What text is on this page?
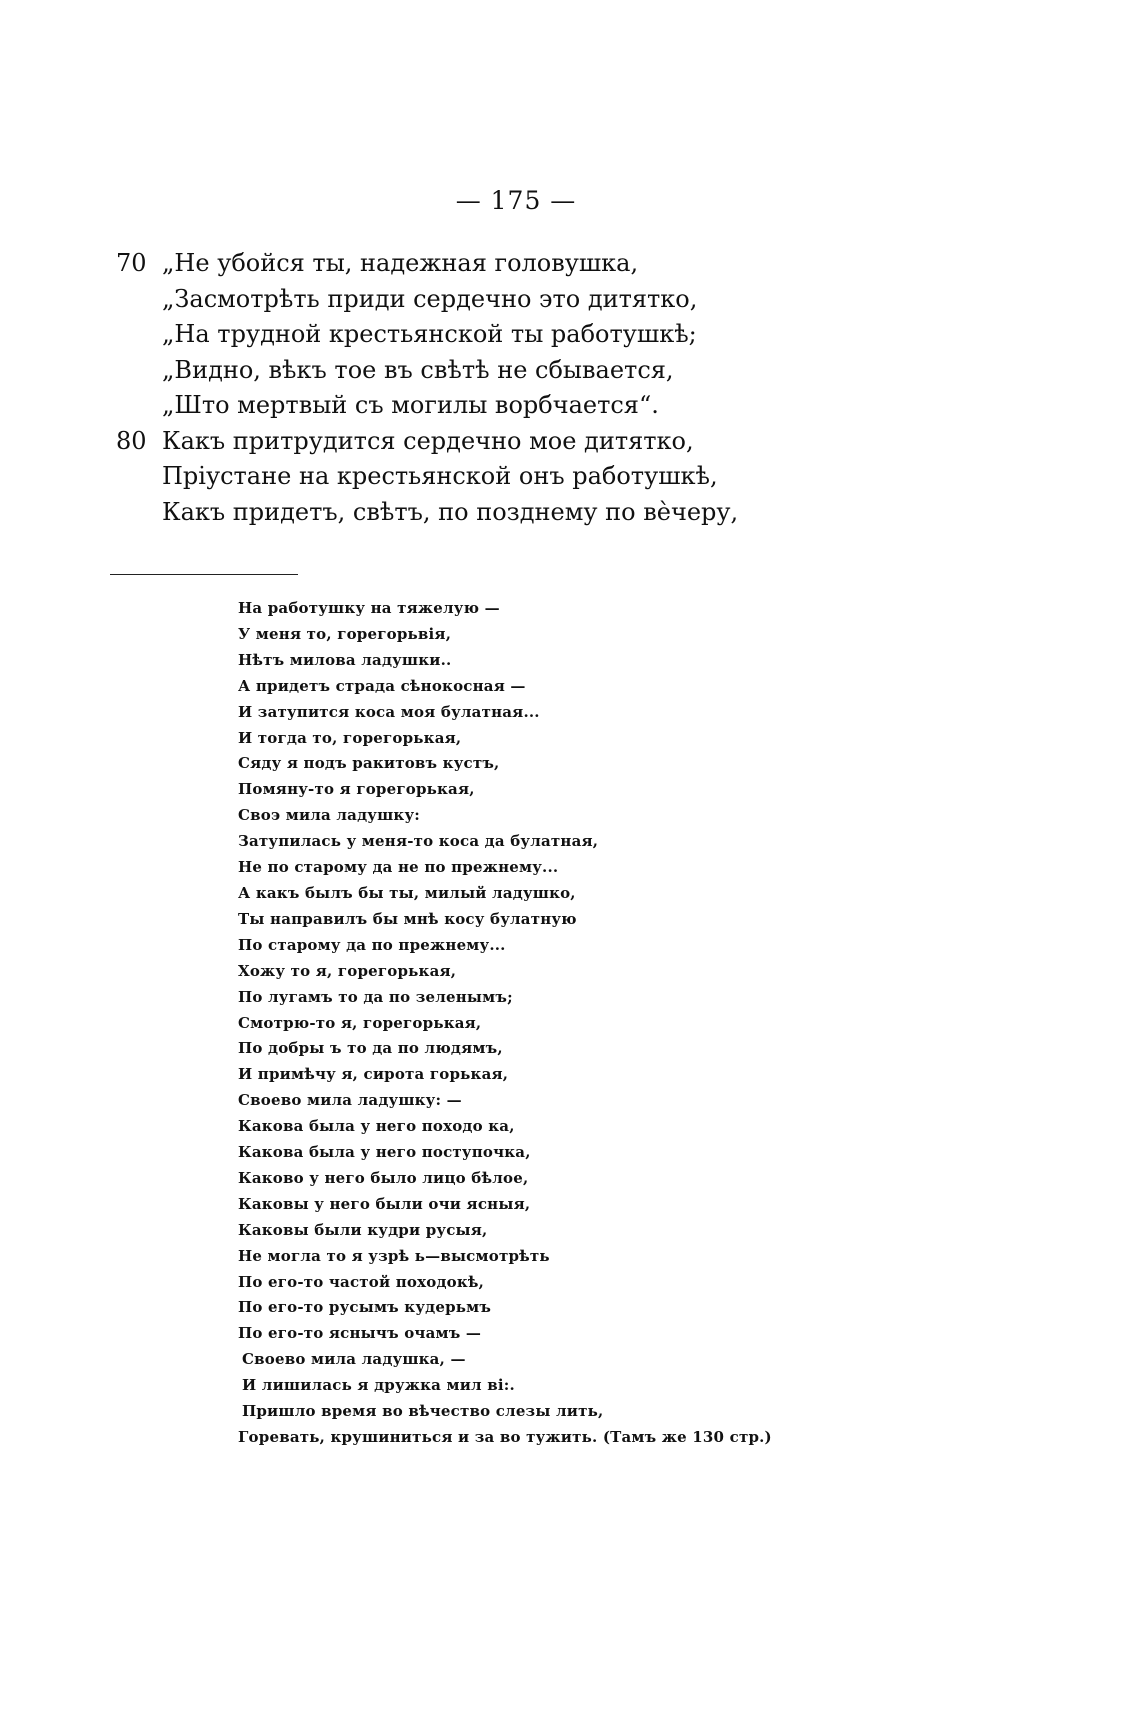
— 175 —
70 „Не убойся ты, надежная головушка,
„Засмотрѣть приди сердечно это дитятко,
„На трудной крестьянской ты работушкѣ;
„Видно, вѣкъ тое въ свѣтѣ не сбывается,
„Што мертвый съ могилы ворбчается“.
80 Какъ притрудится сердечно мое дитятко,
Пріустане на крестьянской онъ работушкѣ,
Какъ придетъ, свѣтъ, по позднему по вѐчеру,
На работушку на тяжелую —
У меня то, горегорьвія,
Нѣтъ милова ладушки..
А придетъ страда сѣнокосная —
И затупится коса моя булатная...
И тогда то, горегорькая,
Сяду я подъ ракитовъ кустъ,
Помяну-то я горегорькая,
Своэ мила ладушку:
Затупилась у меня-то коса да булатная,
Не по старому да не по прежнему...
А какъ былъ бы ты, милый ладушко,
Ты направилъ бы мнѣ косу булатную
По старому да по прежнему...
Хожу то я, горегорькая,
По лугамъ то да по зеленымъ;
Смотрю-то я, горегорькая,
По добры ъ то да по людямъ,
И примѣчу я, сирота горькая,
Своево мила ладушку: —
Какова была у него походо ка,
Какова была у него поступочка,
Каково у него было лицо бѣлое,
Каковы у него были очи ясныя,
Каковы были кудри русыя,
Не могла то я узрѣ ь—высмотрѣть
По его-то частой походокѣ,
По его-то русымъ кудерьмъ
По его-то яснычъ очамъ —
Своево мила ладушка, —
И лишилась я дружка мил ві:.
Пришло время во вѣчество слезы лить,
Горевать, крушиниться и за во тужить. (Тамъ же 130 стр.)
